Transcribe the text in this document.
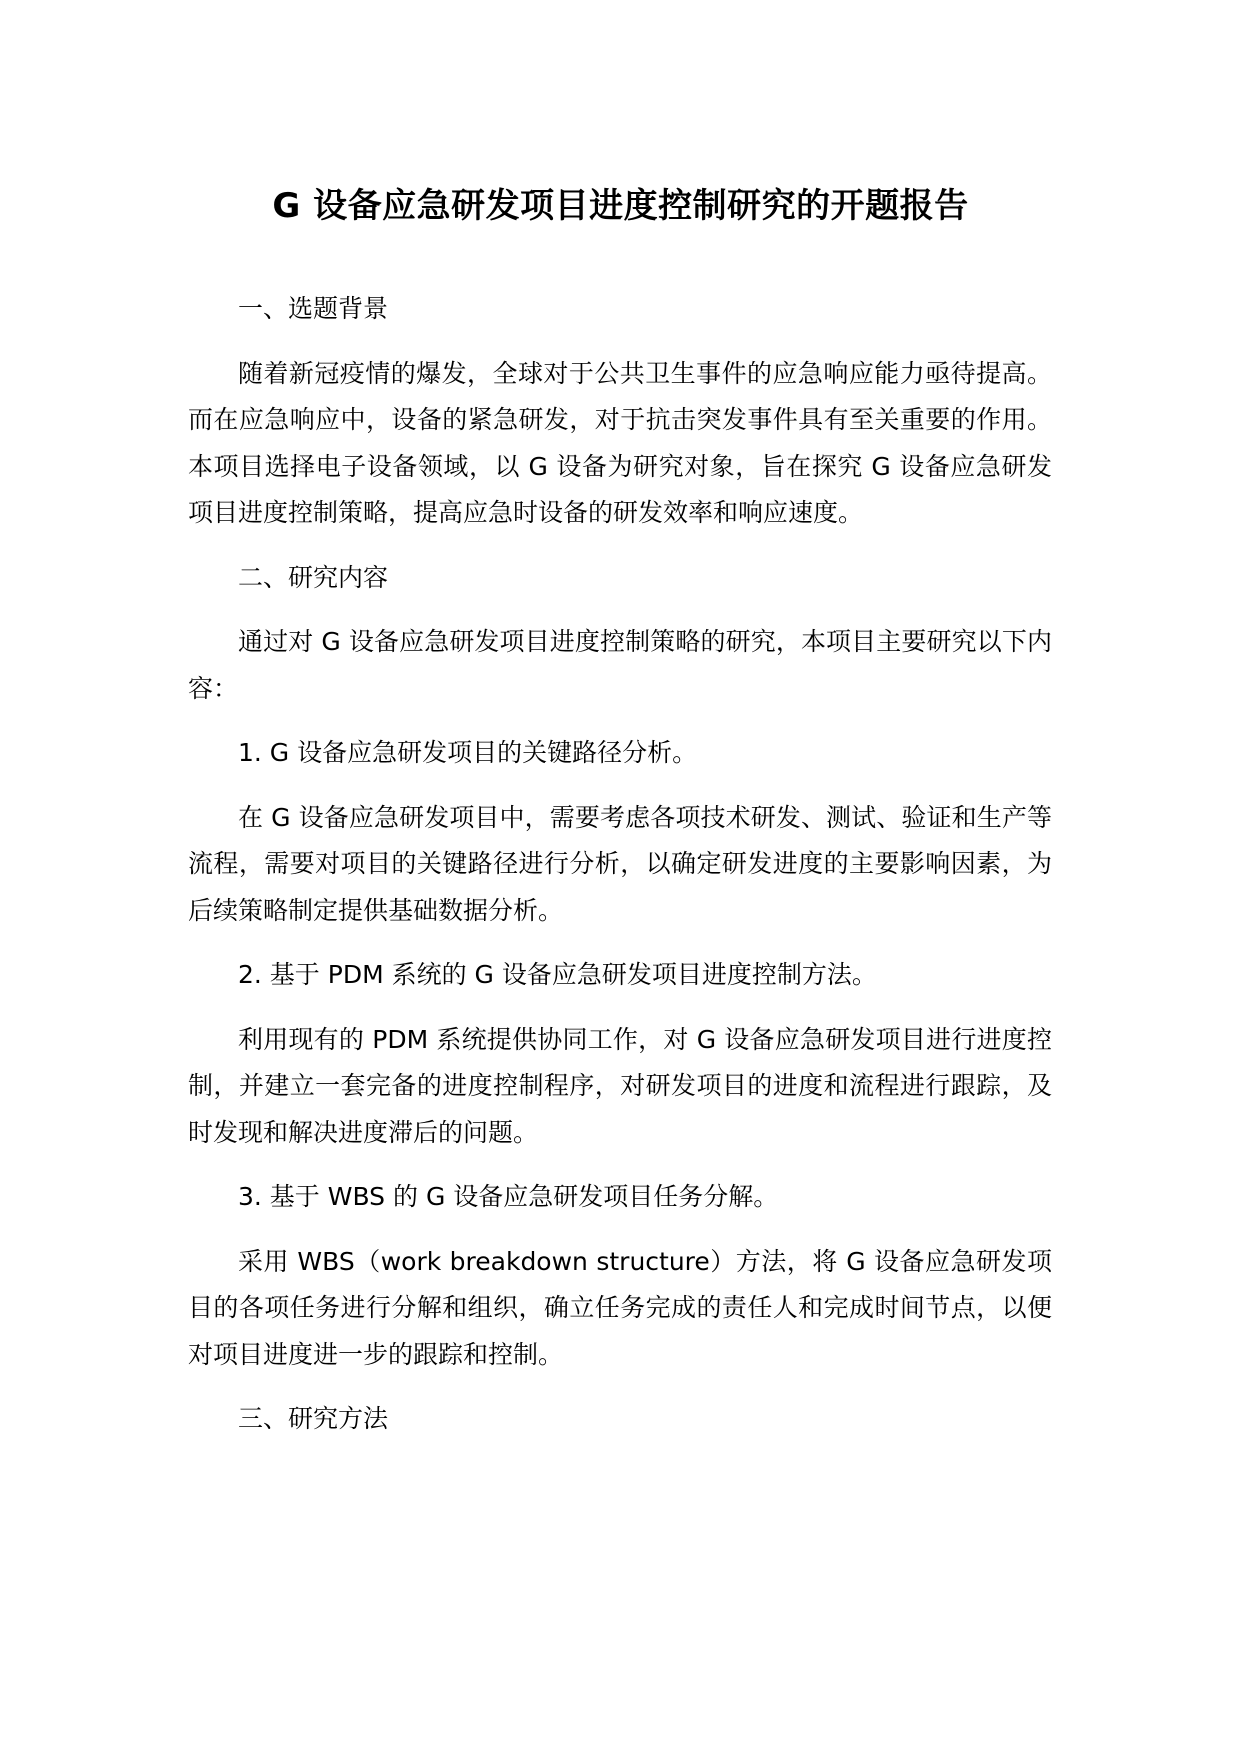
G 设备应急研发项目进度控制研究的开题报告

一、选题背景

随着新冠疫情的爆发，全球对于公共卫生事件的应急响应能力亟待提高。而在应急响应中，设备的紧急研发，对于抗击突发事件具有至关重要的作用。本项目选择电子设备领域，以 G 设备为研究对象，旨在探究 G 设备应急研发项目进度控制策略，提高应急时设备的研发效率和响应速度。

二、研究内容

通过对 G 设备应急研发项目进度控制策略的研究，本项目主要研究以下内容：

1. G 设备应急研发项目的关键路径分析。

在 G 设备应急研发项目中，需要考虑各项技术研发、测试、验证和生产等流程，需要对项目的关键路径进行分析，以确定研发进度的主要影响因素，为后续策略制定提供基础数据分析。

2. 基于 PDM 系统的 G 设备应急研发项目进度控制方法。

利用现有的 PDM 系统提供协同工作，对 G 设备应急研发项目进行进度控制，并建立一套完备的进度控制程序，对研发项目的进度和流程进行跟踪，及时发现和解决进度滞后的问题。

3. 基于 WBS 的 G 设备应急研发项目任务分解。

采用 WBS（work breakdown structure）方法，将 G 设备应急研发项目的各项任务进行分解和组织，确立任务完成的责任人和完成时间节点，以便对项目进度进一步的跟踪和控制。

三、研究方法
